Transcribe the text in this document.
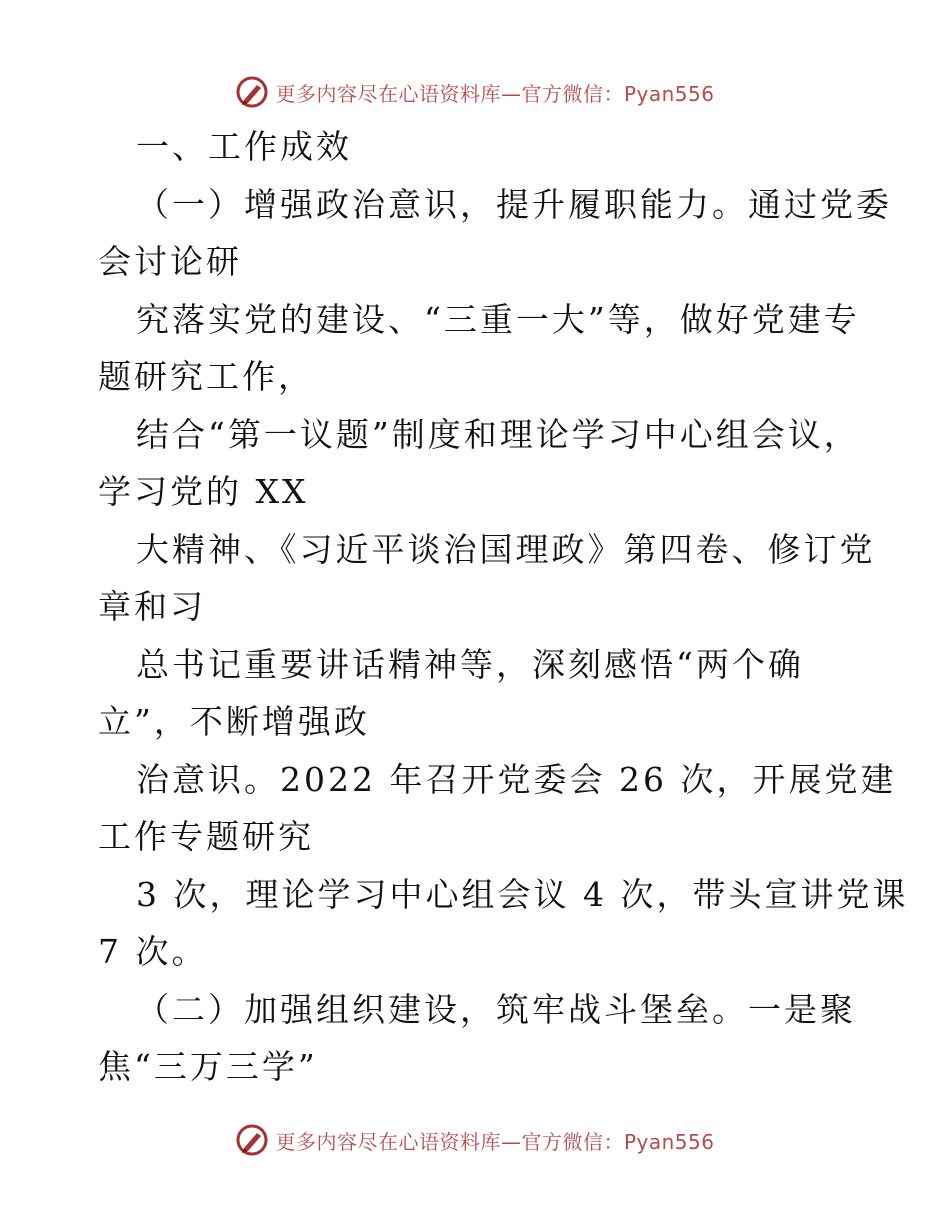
更多内容尽在心语资料库—官方微信：Pyan556
一、工作成效
（一）增强政治意识，提升履职能力。通过党委
会讨论研
究落实党的建设、“三重一大”等，做好党建专
题研究工作，
结合“第一议题”制度和理论学习中心组会议，
学习党的 XX
大精神、《习近平谈治国理政》第四卷、修订党
章和习
总书记重要讲话精神等，深刻感悟“两个确
立”，不断增强政
治意识。2022 年召开党委会 26 次，开展党建
工作专题研究
3 次，理论学习中心组会议 4 次，带头宣讲党课
7 次。
（二）加强组织建设，筑牢战斗堡垒。一是聚
焦“三万三学”
更多内容尽在心语资料库—官方微信：Pyan556
